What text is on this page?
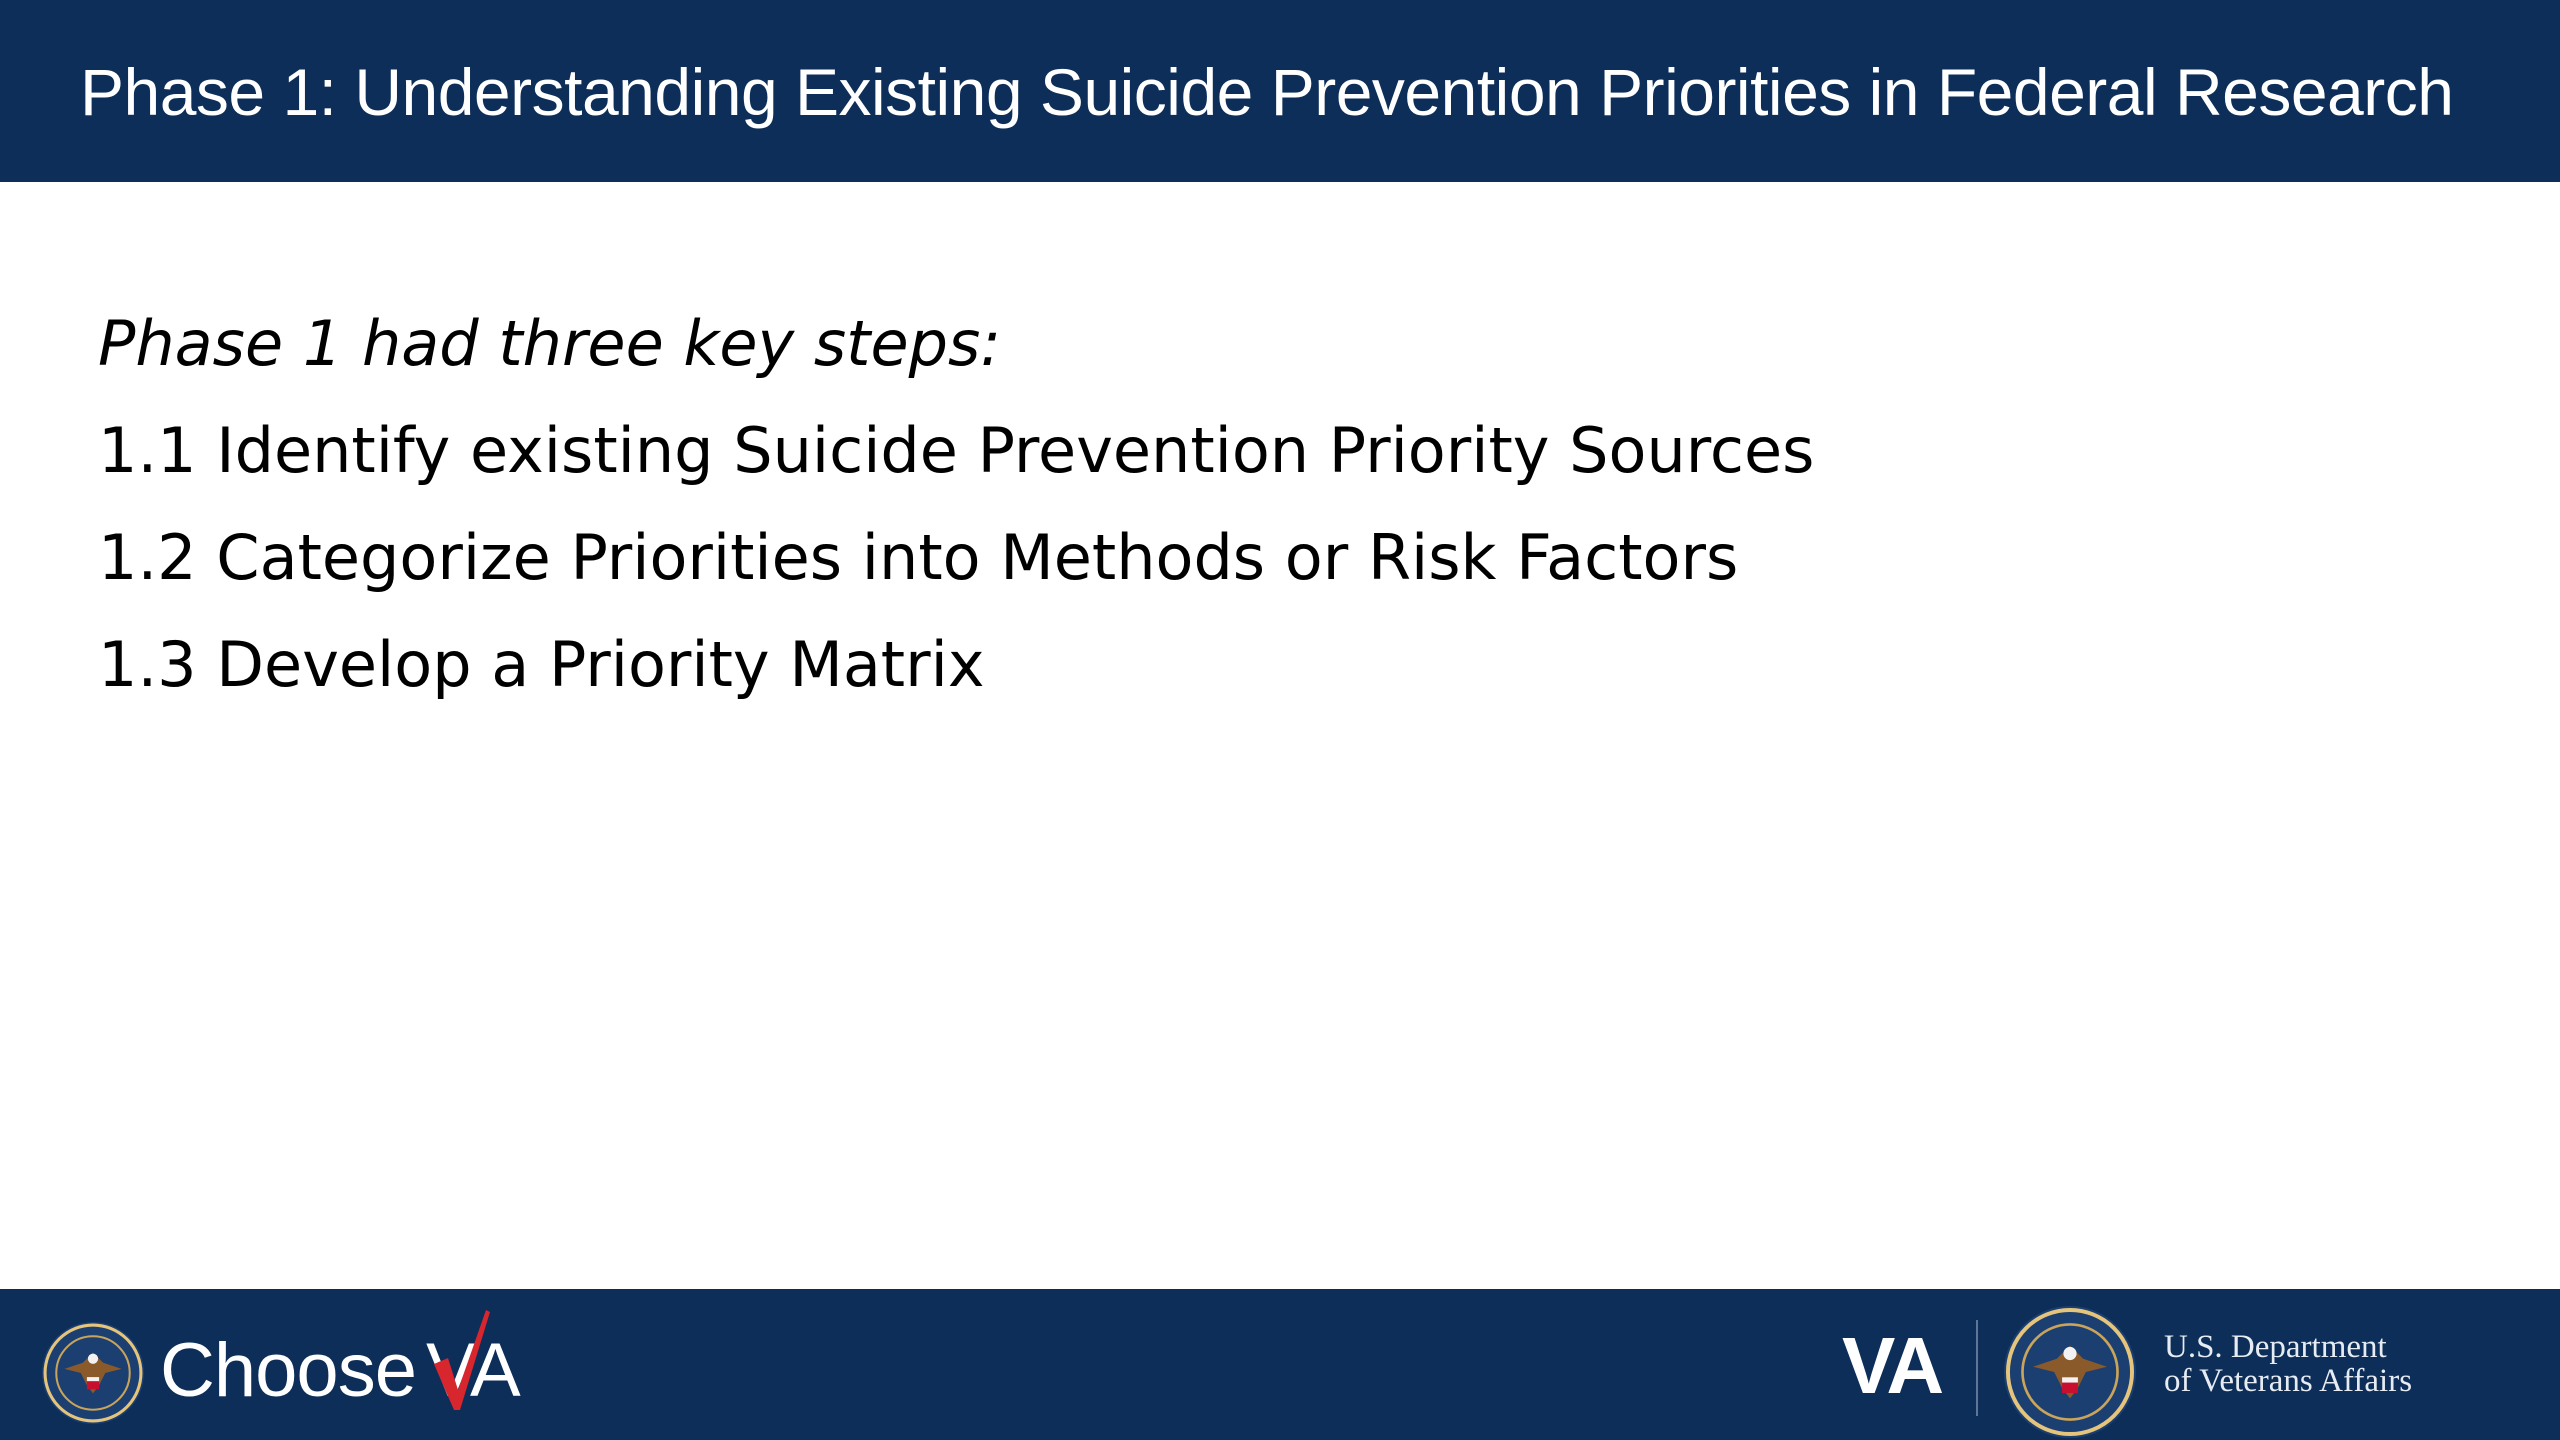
Phase 1: Understanding Existing Suicide Prevention Priorities in Federal Research
Phase 1 had three key steps:
1.1 Identify existing Suicide Prevention Priority Sources
1.2 Categorize Priorities into Methods or Risk Factors
1.3 Develop a Priority Matrix
Choose VA	VA	U.S. Department
of Veterans Affairs
